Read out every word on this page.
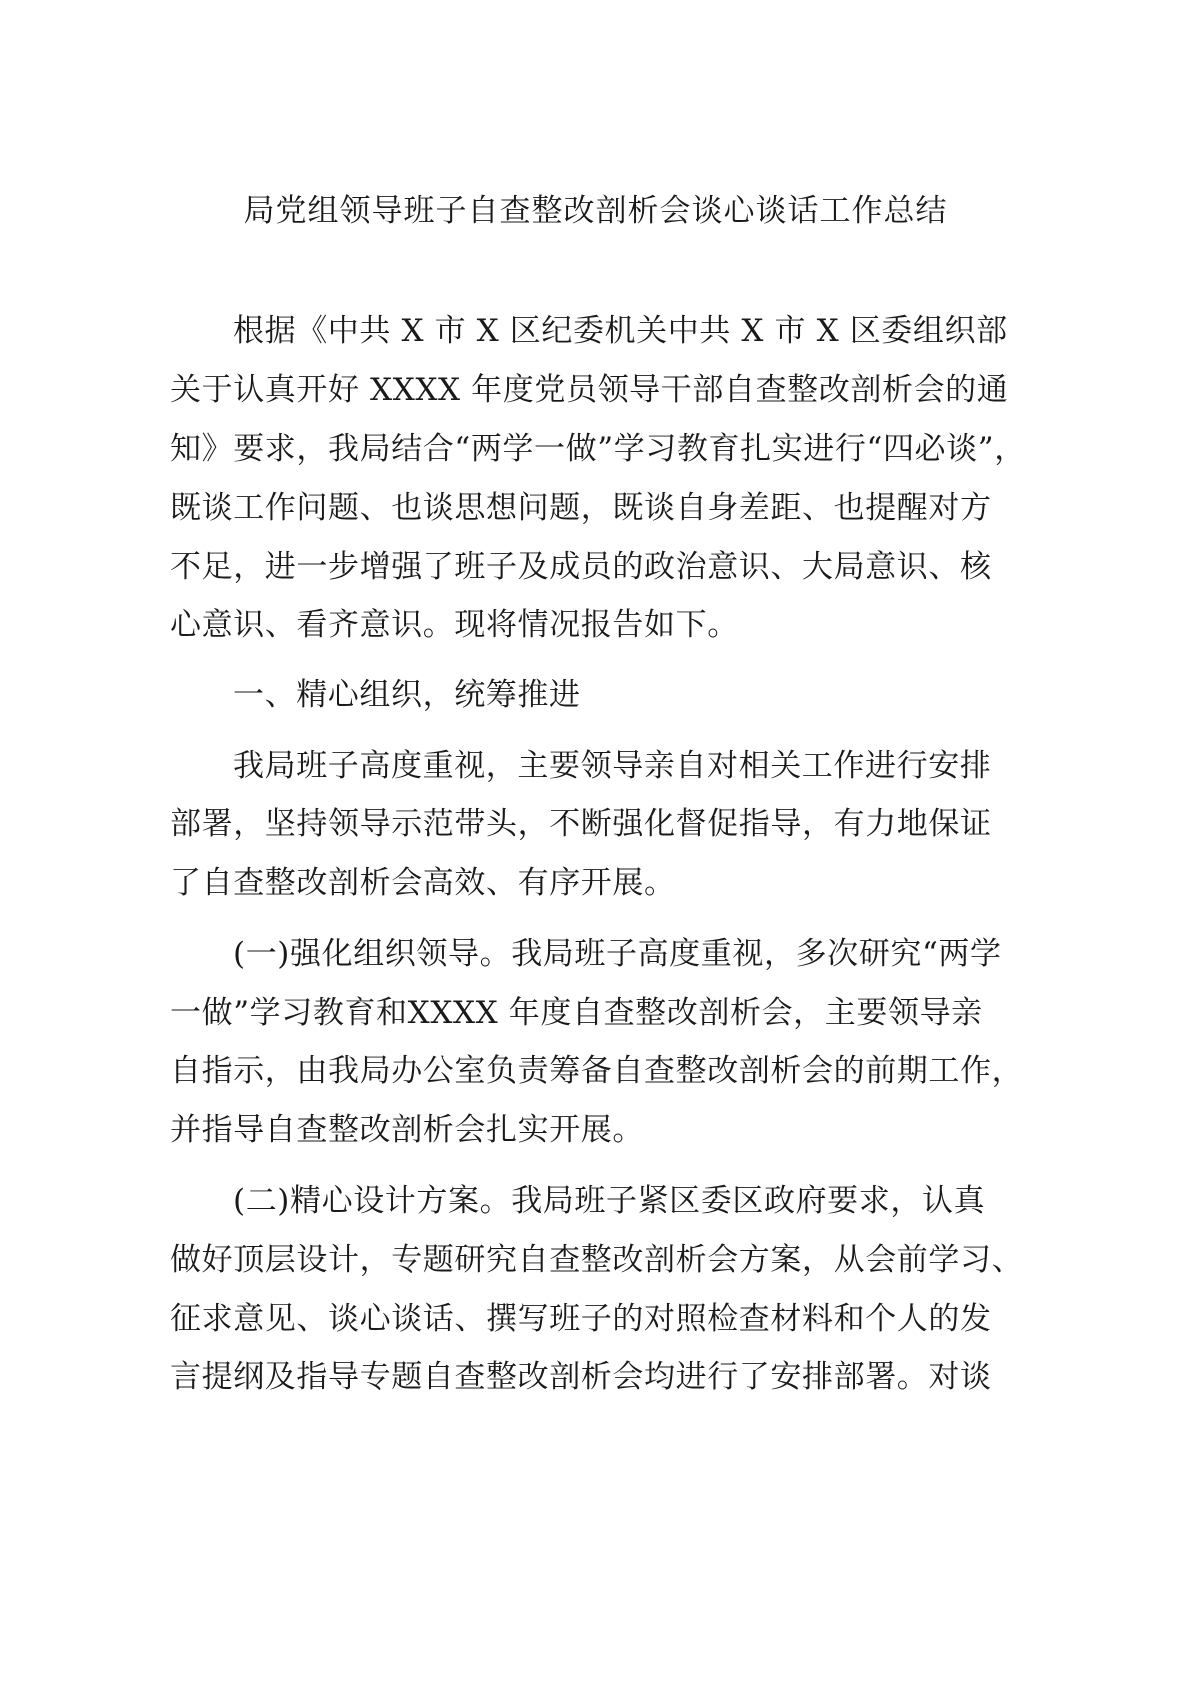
局党组领导班子自查整改剖析会谈心谈话工作总结

根据《中共 X 市 X 区纪委机关中共 X 市 X 区委组织部

关于认真开好 XXXX 年度党员领导干部自查整改剖析会的通

知》要求，我局结合“两学一做”学习教育扎实进行“四必谈”，

既谈工作问题、也谈思想问题，既谈自身差距、也提醒对方

不足，进一步增强了班子及成员的政治意识、大局意识、核

心意识、看齐意识。现将情况报告如下。

一、精心组织，统筹推进

我局班子高度重视，主要领导亲自对相关工作进行安排

部署，坚持领导示范带头，不断强化督促指导，有力地保证

了自查整改剖析会高效、有序开展。

(一)强化组织领导。我局班子高度重视，多次研究“两学

一做”学习教育和XXXX 年度自查整改剖析会，主要领导亲

自指示，由我局办公室负责筹备自查整改剖析会的前期工作，

并指导自查整改剖析会扎实开展。

(二)精心设计方案。我局班子紧区委区政府要求，认真

做好顶层设计，专题研究自查整改剖析会方案，从会前学习、

征求意见、谈心谈话、撰写班子的对照检查材料和个人的发

言提纲及指导专题自查整改剖析会均进行了安排部署。对谈
